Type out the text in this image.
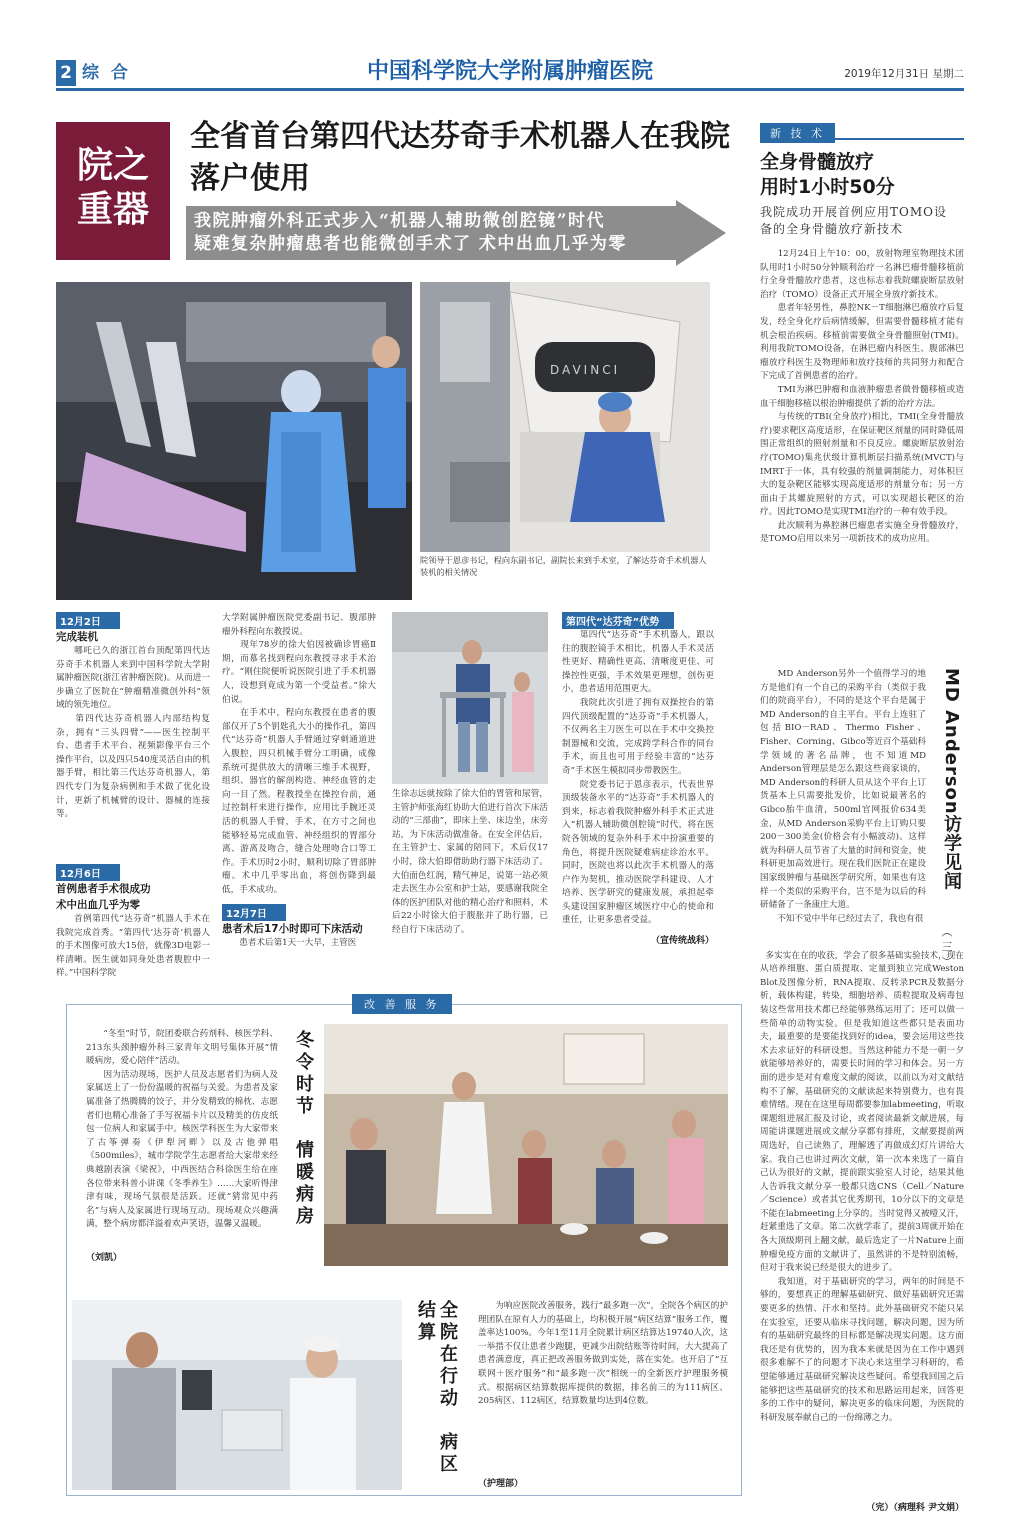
2 综 合	中国科学院大学附属肿瘤医院	2019年12月31日 星期二
院之重器
全省首台第四代达芬奇手术机器人在我院落户使用
我院肿瘤外科正式步入“机器人辅助微创腔镜”时代
疑难复杂肿瘤患者也能微创手术了 术中出血几乎为零
DAVINCI
院领导于恩彦书记，程向东副书记，副院长来到手术室，了解达芬奇手术机器人装机的相关情况
12月2日
完成装机
　　哪吒已久的浙江首台顶配第四代达芬奇手术机器人来到中国科学院大学附属肿瘤医院(浙江省肿瘤医院)。从而进一步确立了医院在“肿瘤精准微创外科”领域的领先地位。
　　第四代达芬奇机器人内部结构复杂，拥有“三头四臂”——医生控制平台、患者手术平台、视频影像平台三个操作平台，以及四只540度灵活自由的机器手臂，相比第三代达芬奇机器人，第四代专门为复杂病例和手术做了优化设计，更新了机械臂的设计、器械的连接等。
12月6日
首例患者手术很成功
术中出血几乎为零
　　首例第四代“达芬奇”机器人手术在我院完成首秀。“第四代‘达芬奇’机器人的手术图像可放大15倍，就像3D电影一样清晰。医生就如同身处患者腹腔中一样。”中国科学院
大学附属肿瘤医院党委副书记、腹部肿瘤外科程向东教授说。
　　现年78岁的徐大伯因被确诊胃癌Ⅱ期，而慕名找到程向东教授寻求手术治疗。“刚住院便听说医院引进了手术机器人，设想到竟成为第一个受益者。”徐大伯说。
　　在手术中，程向东教授在患者的腹部仅开了5个钥匙孔大小的操作孔，第四代“达芬奇”机器人手臂通过穿刺通道进入腹腔，四只机械手臂分工明确，成像系统可提供放大的清晰三维手术视野，组织、器官的解剖构造、神经血管的走向一目了然。程教授坐在操控台前，通过控制杆来进行操作，应用比手腕还灵活的机器人手臂，手术，在方寸之间也能够轻易完成血管、神经组织的胃部分离、游离及吻合，缝合处理吻合口等工作。手术历时2小时，顺利切除了胃部肿瘤。术中几乎零出血，将创伤降到最低，手术成功。
12月7日
患者术后17小时即可下床活动
　　患者术后第1天一大早，主管医
生徐志远就按除了徐大伯的胃管和尿管，主管护师张海红协助大伯进行首次下床活动的“三部曲”，即床上坐、床边坐，床旁站，为下床活动做准备。在安全评估后，在主管护士、家属的陪同下，术后仅17小时，徐大伯即借助助行器下床活动了。大伯面色红润，精气神足，说第一站必须走去医生办公室和护士站，要感谢我院全体的医护团队对他的精心治疗和照料，术后22小时徐大伯于腹胀并了助行器，已经自行下床活动了。
第四代“达芬奇”优势
　　第四代“达芬奇”手术机器人，跟以往的腹腔镜手术相比，机器人手术灵活性更好、精确性更高、清晰度更佳、可操控性更强，手术效果更理想，创伤更小，患者适用范围更大。
　　我院此次引进了拥有双操控台的第四代顶级配置的“达芬奇”手术机器人，不仅两名主刀医生可以在手术中交换控制器械和交流，完成跨学科合作的同台手术，而且也可用于经验丰富的“达芬奇”手术医生模拟同步带教医生。
　　院党委书记于恩彦表示，代表世界顶级装备水平的“达芬奇”手术机器人的到来，标志着我院肿瘤外科手术正式进入“机器人辅助微创腔镜”时代，将在医院各领域的复杂外科手术中扮演重要的角色，将提升医院疑难病症诊治水平。同时，医院也将以此次手术机器人的落户作为契机，推动医院学科建设、人才培养、医学研究的健康发展，承担起牵头建设国家肿瘤区域医疗中心的使命和重任，让更多患者受益。
（宣传统战科）
新 技 术
全身骨髓放疗
用时1小时50分
我院成功开展首例应用TOMO设备的全身骨髓放疗新技术
　　12月24日上午10：00，放射物理室物理技术团队用时1小时50分钟顺利治疗一名淋巴瘤骨髓移植前行全身骨髓放疗患者，这也标志着我院螺旋断层放射治疗（TOMO）设备正式开展全身放疗新技术。
　　患者年轻男性，鼻腔NK－T细胞淋巴瘤放疗后复发，经全身化疗后病情缓解，但需要骨髓移植才能有机会根治疾病。移植前需要做全身骨髓照射(TMI)。利用我院TOMO设备，在淋巴瘤内科医生、腹部淋巴瘤放疗科医生及物理师和放疗技师的共同努力和配合下完成了首例患者的治疗。
　　TMI为淋巴肿瘤和血液肿瘤患者做骨髓移植或造血干细胞移植以根治肿瘤提供了新的治疗方法。
　　与传统的TBI(全身放疗)相比，TMI(全身骨髓放疗)要求靶区高度适形，在保证靶区剂量的同时降低周围正常组织的照射剂量和不良反应。螺旋断层放射治疗(TOMO)集兆伏级计算机断层扫描系统(MVCT)与IMRT于一体，具有较强的剂量调制能力，对体积巨大的复杂靶区能够实现高度适形的剂量分布；另一方面由于其螺旋照射的方式，可以实现超长靶区的治疗。因此TOMO是实现TMI治疗的一种有效手段。
　　此次顺利为鼻腔淋巴瘤患者实施全身骨髓放疗，是TOMO启用以来另一项新技术的成功应用。
MD Anderson访学见闻
（三）
　　MD Anderson另外一个值得学习的地方是他们有一个自己的采购平台（类似于我们的院商平台），不同的是这个平台是属于MD Anderson的自主平台。平台上连驻了包括BIO－RAD、Thermo Fisher、Fisher、Corning、Gibco等近百个基础科学领域的著名品牌，也不知道MD Anderson管理层是怎么跟这些商家谈的，MD Anderson的科研人员从这个平台上订货基本上只需要批发价，比如说最著名的Gibco胎牛血清，500ml官网报价634美金，从MD Anderson采购平台上订购只要200－300美金(价格会有小幅波动)。这样就为科研人员节省了大量的时间和资金，使科研更加高效进行。现在我们医院正在建设国家级肿瘤与基础医学研究所，如果也有这样一个类似的采购平台，岂不是为以后的科研储备了一条康庄大道。
　　不知不觉中半年已经过去了，我也有很

多实实在在的收获，学会了很多基础实验技术，现在从培养细胞、蛋白质提取、定量到独立完成Weston Blot及图像分析，RNA提取、反转录PCR及数据分析，载体构建，转染，细胞培养、质粒提取及病毒包装这些常用技术都已经能够熟练运用了；还可以做一些简单的动物实验。但是我知道这些都只是表面功夫，最重要的是要能找到好的idea，要会运用这些技术去求证好的科研设想。当然这种能力不是一朝一夕就能够培养好的，需要长时间的学习和体会。另一方面的进步是对有难度文献的阅读，以前以为对文献结构不了解，基础研究的文献读起来特别费力，也有畏难情绪。现在在这里每周都要参加labmeeting，听取课题组进展汇报及讨论，或者阅读最新文献进展，每周能讲课题进展或文献分享都有排班，文献要提前两周选好，自己读熟了，理解透了再做成幻灯片讲给大家。我自己也讲过两次文献，第一次本来选了一篇自己认为很好的文献，提前跟实验室人讨论，结果其他人告诉我文献分享一般都只选CNS（Cell／Nature／Science）或者其它优秀期刊，10分以下的文章是不能在labmeeting上分享的。当时觉得又被噎又汗，赶紧重选了文章。第二次就学乖了，提前3周就开始在各大顶级期刊上翻文献，最后选定了一片Nature上面肿瘤免疫方面的文献讲了，虽然讲的不是特别流畅，但对于我来说已经是很大的进步了。
　　我知道，对于基础研究的学习，两年的时间是不够的，要想真正的理解基础研究、做好基础研究还需要更多的热情、汗水和坚持。此外基础研究不能只呆在实验室，还要从临床寻找问题，解决问题，因为所有的基础研究最终的目标都是解决现实问题。这方面我还是有优势的，因为我本来就是因为在工作中遇到很多难解不了的问题才下决心来这里学习科研的，希望能够通过基础研究解决这些疑问。希望我回国之后能够把这些基础研究的技术和思路运用起来，回答更多的工作中的疑问，解决更多的临床问题，为医院的科研发展奉献自己的一份绵薄之力。

（完）（病理科 尹文娟）
改 善 服 务
　　“冬至”时节，院团委联合药剂科、核医学科、213东头颈肿瘤外科三家青年文明号集体开展“情暖病房，爱心陪伴”活动。
　　因为活动现场，医护人员及志愿者们为病人及家属送上了一份份温暖的祝福与关爱。为患者及家属准备了热腾腾的饺子，并分发精致的棉枕、志愿者们也精心准备了手写祝福卡片以及精美的仿皮纸包一位病人和家属手中。核医学科医生为大家带来了古筝弹奏《伊犁河畔》以及古他弹唱《500miles》，城市学院学生志愿者给大家带来经典越剧表演《梁祝》，中西医结合科徐医生给在座各位带来科普小讲课《冬季养生》……大家听得津津有味，现场气氛很是活跃。还就“猜常见中药名”与病人及家属进行现场互动。现场观众兴趣满满，整个病房都洋溢着欢声笑语，温馨又温暖。
（刘凯）
冬令时节　情暖病房
全院在行动　病区结算	　　为响应医院改善服务，践行“最多跑一次”，全院各个病区的护理团队在原有人力的基础上，均积极开展“病区结算”服务工作，覆盖率达100%。今年1至11月全院累计病区结算达19740人次，这一举措不仅让患者少跑腿，更减少出院结账等待时间，大大提高了患者满意度，真正把改善服务做到实处，落在实处。也开启了“互联网＋医疗服务”和“最多跑一次”相统一的全新医疗护理服务模式。根据病区结算数据库提供的数据，排名前三的为111病区、205病区、112病区，结算数量均达到4位数。
（护理部）
